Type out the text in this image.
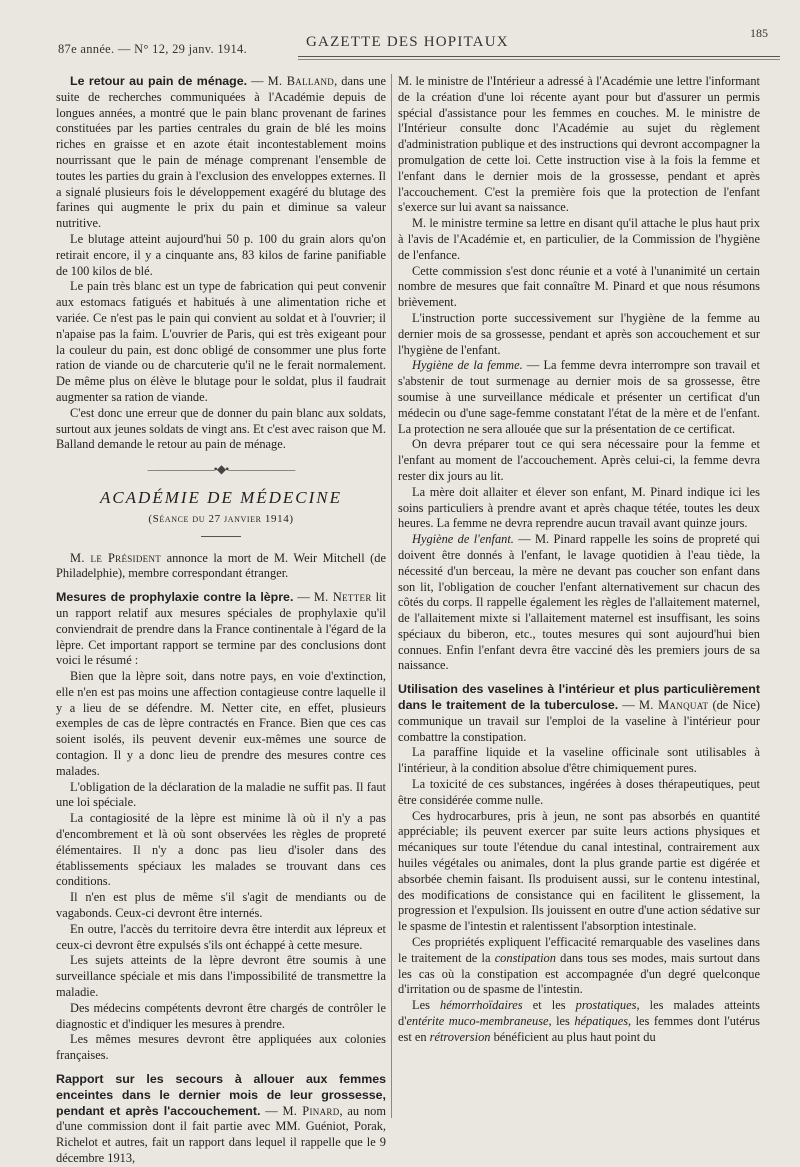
87e année. — N° 12, 29 janv. 1914.	GAZETTE DES HOPITAUX
185

Le retour au pain de ménage. — M. Balland, dans une suite de recherches communiquées à l'Académie depuis de longues années, a montré que le pain blanc provenant de farines constituées par les parties centrales du grain de blé les moins riches en graisse et en azote était incontestablement moins nourrissant que le pain de ménage comprenant l'ensemble de toutes les parties du grain à l'exclusion des enveloppes externes. Il a signalé plusieurs fois le développement exagéré du blutage des farines qui augmente le prix du pain et diminue sa valeur nutritive.

Le blutage atteint aujourd'hui 50 p. 100 du grain alors qu'on retirait encore, il y a cinquante ans, 83 kilos de farine panifiable de 100 kilos de blé.

Le pain très blanc est un type de fabrication qui peut convenir aux estomacs fatigués et habitués à une alimentation riche et variée. Ce n'est pas le pain qui convient au soldat et à l'ouvrier; il n'apaise pas la faim. L'ouvrier de Paris, qui est très exigeant pour la couleur du pain, est donc obligé de consommer une plus forte ration de viande ou de charcuterie qu'il ne le ferait normalement. De même plus on élève le blutage pour le soldat, plus il faudrait augmenter sa ration de viande.

C'est donc une erreur que de donner du pain blanc aux soldats, surtout aux jeunes soldats de vingt ans. Et c'est avec raison que M. Balland demande le retour au pain de ménage.

——————•◆•——————
ACADÉMIE DE MÉDECINE
(Séance du 27 janvier 1914)

M. le Président annonce la mort de M. Weir Mitchell (de Philadelphie), membre correspondant étranger.

Mesures de prophylaxie contre la lèpre. — M. Netter lit un rapport relatif aux mesures spéciales de prophylaxie qu'il conviendrait de prendre dans la France continentale à l'égard de la lèpre. Cet important rapport se termine par des conclusions dont voici le résumé :

Bien que la lèpre soit, dans notre pays, en voie d'extinction, elle n'en est pas moins une affection contagieuse contre laquelle il y a lieu de se défendre. M. Netter cite, en effet, plusieurs exemples de cas de lèpre contractés en France. Bien que ces cas soient isolés, ils peuvent devenir eux-mêmes une source de contagion. Il y a donc lieu de prendre des mesures contre ces malades.

L'obligation de la déclaration de la maladie ne suffit pas. Il faut une loi spéciale.

La contagiosité de la lèpre est minime là où il n'y a pas d'encombrement et là où sont observées les règles de propreté élémentaires. Il n'y a donc pas lieu d'isoler dans des établissements spéciaux les malades se trouvant dans ces conditions.

Il n'en est plus de même s'il s'agit de mendiants ou de vagabonds. Ceux-ci devront être internés.

En outre, l'accès du territoire devra être interdit aux lépreux et ceux-ci devront être expulsés s'ils ont échappé à cette mesure.

Les sujets atteints de la lèpre devront être soumis à une surveillance spéciale et mis dans l'impossibilité de transmettre la maladie.

Des médecins compétents devront être chargés de contrôler le diagnostic et d'indiquer les mesures à prendre.

Les mêmes mesures devront être appliquées aux colonies françaises.

Rapport sur les secours à allouer aux femmes enceintes dans le dernier mois de leur grossesse, pendant et après l'accouchement. — M. Pinard, au nom d'une commission dont il fait partie avec MM. Guéniot, Porak, Richelot et autres, fait un rapport dans lequel il rappelle que le 9 décembre 1913,

M. le ministre de l'Intérieur a adressé à l'Académie une lettre l'informant de la création d'une loi récente ayant pour but d'assurer un permis spécial d'assistance pour les femmes en couches. M. le ministre de l'Intérieur consulte donc l'Académie au sujet du règlement d'administration publique et des instructions qui devront accompagner la promulgation de cette loi. Cette instruction vise à la fois la femme et l'enfant dans le dernier mois de la grossesse, pendant et après l'accouchement. C'est la première fois que la protection de l'enfant s'exerce sur lui avant sa naissance.

M. le ministre termine sa lettre en disant qu'il attache le plus haut prix à l'avis de l'Académie et, en particulier, de la Commission de l'hygiène de l'enfance.

Cette commission s'est donc réunie et a voté à l'unanimité un certain nombre de mesures que fait connaître M. Pinard et que nous résumons brièvement.

L'instruction porte successivement sur l'hygiène de la femme au dernier mois de sa grossesse, pendant et après son accouchement et sur l'hygiène de l'enfant.

Hygiène de la femme. — La femme devra interrompre son travail et s'abstenir de tout surmenage au dernier mois de sa grossesse, être soumise à une surveillance médicale et présenter un certificat d'un médecin ou d'une sage-femme constatant l'état de la mère et de l'enfant. La protection ne sera allouée que sur la présentation de ce certificat.

On devra préparer tout ce qui sera nécessaire pour la femme et l'enfant au moment de l'accouchement. Après celui-ci, la femme devra rester dix jours au lit.

La mère doit allaiter et élever son enfant, M. Pinard indique ici les soins particuliers à prendre avant et après chaque tétée, toutes les deux heures. La femme ne devra reprendre aucun travail avant quinze jours.

Hygiène de l'enfant. — M. Pinard rappelle les soins de propreté qui doivent être donnés à l'enfant, le lavage quotidien à l'eau tiède, la nécessité d'un berceau, la mère ne devant pas coucher son enfant dans son lit, l'obligation de coucher l'enfant alternativement sur chacun des côtés du corps. Il rappelle également les règles de l'allaitement maternel, de l'allaitement mixte si l'allaitement maternel est insuffisant, les soins spéciaux du biberon, etc., toutes mesures qui sont aujourd'hui bien connues. Enfin l'enfant devra être vacciné dès les premiers jours de sa naissance.

Utilisation des vaselines à l'intérieur et plus particulièrement dans le traitement de la tuberculose. — M. Manquat (de Nice) communique un travail sur l'emploi de la vaseline à l'intérieur pour combattre la constipation.

La paraffine liquide et la vaseline officinale sont utilisables à l'intérieur, à la condition absolue d'être chimiquement pures.

La toxicité de ces substances, ingérées à doses thérapeutiques, peut être considérée comme nulle.

Ces hydrocarbures, pris à jeun, ne sont pas absorbés en quantité appréciable; ils peuvent exercer par suite leurs actions physiques et mécaniques sur toute l'étendue du canal intestinal, contrairement aux huiles végétales ou animales, dont la plus grande partie est digérée et absorbée chemin faisant. Ils produisent aussi, sur le contenu intestinal, des modifications de consistance qui en facilitent le glissement, la progression et l'expulsion. Ils jouissent en outre d'une action sédative sur le spasme de l'intestin et ralentissent l'absorption intestinale.

Ces propriétés expliquent l'efficacité remarquable des vaselines dans le traitement de la constipation dans tous ses modes, mais surtout dans les cas où la constipation est accompagnée d'un degré quelconque d'irritation ou de spasme de l'intestin.

Les hémorrhoïdaires et les prostatiques, les malades atteints d'entérite muco-membraneuse, les hépatiques, les femmes dont l'utérus est en rétroversion bénéficient au plus haut point du
